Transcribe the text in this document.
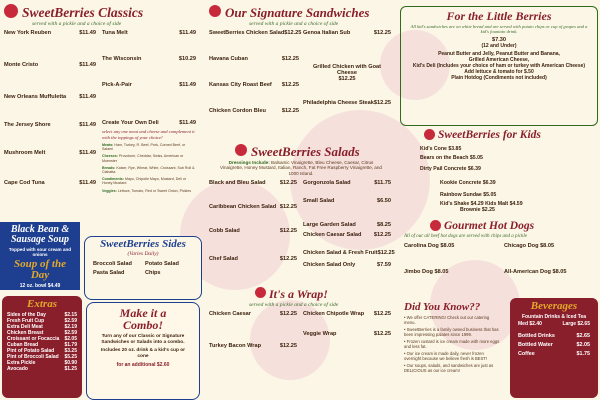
SweetBerries Classics
served with a pickle and a choice of side
New York Reuben	$11.49
Monte Cristo	$11.49
New Orleans Muffuletta $11.49
The Jersey Shore	$11.49
Mushroom Melt	$11.49
Cape Cod Tuna	$11.49
Tuna Melt	$11.49
The Wisconsin	$10.29
Pick-A-Pair	$11.49
Create Your Own Deli	$11.49
select any one meat and cheese and complement it with the toppings of your choice!
Meats: Ham, Turkey, R. Beef, Pork, Corned Beef, or Salami
Cheeses: Provolone, Cheddar, Swiss, American or Muenster
Breads: Kaiser, Rye, Wheat, White, Croissant, Sub Roll & Ciabatta
Condiments: Mayo, Chipotle Mayo, Mustard, Deli or Honey Mustard
Veggies: Lettuce, Tomato, Red or Sweet Onion, Pickles
Black Bean & Sausage Soup
Topped with sour cream and onions
Soup of the Day
12 oz. bowl $4.49
SweetBerries Sides
(Varies Daily)
Broccoli Salad	Potato Salad
Pasta Salad	Chips
Extras
Sides of the Day	$2.15
Fresh Fruit Cup	$2.59
Extra Deli Meat	$2.19
Chicken Breast	$2.59
Croissant or Focaccia $2.05
Cuban Bread	$1.79
Pint of Potato Salad $3.25
Pint of Broccoli Salad $5.25
Extra Pickle	$0.90
Avocado	$1.25
Make it a Combo!
Turn any of our Classic or Signature Sandwiches or Salads into a combo.
Includes 20 oz. drink & a kid's cup or cone
for an additional $2.60
Our Signature Sandwiches
served with a pickle and a choice of side
SweetBerries Chicken Salad $12.25
Havana Cuban	$12.25
Kansas City Roast Beef $12.25
Chicken Cordon Bleu	$12.25
Genoa Italian Sub	$12.25
Grilled Chicken with Goat Cheese
$12.25
Philadelphia Cheese Steak $12.25
SweetBerries Salads
Dressings Include: Balsamic Vinaigrette, Bleu Cheese, Caesar, Citrus Vinaigrette, Honey Mustard, Italian, Ranch, Fat Free Raspberry Vinaigrette, and 1000 Island.
Black and Bleu Salad	$12.25
Caribbean Chicken Salad $12.25
Cobb Salad	$12.25
Chef Salad	$12.25
Gorgonzola Salad	$11.75
Small Salad	$6.50
Large Garden Salad	$8.25
Chicken Caesar Salad $12.25
Chicken Salad & Fresh Fruit $12.25
Chicken Salad Only	$7.59
It's a Wrap!
served with a pickle and a choice of side
Chicken Caesar	$12.25
Turkey Bacon Wrap	$12.25
Chicken Chipotle Wrap $12.25
Veggie Wrap	$12.25
For the Little Berries
All kid's sandwiches are on white bread and are served with potato chips or cup of grapes and a kid's fountain drink.
$7.30
(12 and Under)
Peanut Butter and Jelly, Peanut Butter and Banana,
Grilled American Cheese,
Kid's Deli (Includes your choice of ham or turkey with American Cheese) Add lettuce & tomato for $.50
Plain Hotdog (Condiments not included)
SweetBerries for Kids
Kid's Cone $3.85
Bears on the Beach $5.05
Dirty Pail Concrete $6.39
Kookie Concrete $6.39
Rainbow Sundae $5.05
Kid's Shake $4.29 Kids Malt $4.59
Brownie $2.25
Gourmet Hot Dogs
All of our all beef hot dogs are served with chips and a pickle
Carolina Dog $8.05
Jimbo Dog $8.05
Chicago Dog $8.05
All-American Dog $8.05
Did You Know??
• We offer CATERING! Check out our catering menu.
• SweetBerries is a family owned business that has been impressing palates since 1999.
• Frozen custard is ice cream made with more eggs and less fat.
• Our ice cream is made daily, never frozen overnight because we believe fresh is BEST!
• Our soups, salads, and sandwiches are just as DELICIOUS as our ice cream!
Beverages
Fountain Drinks & Iced Tea
Med $2.40	Large $2.65
Bottled Drinks	$2.65
Bottled Water	$2.05
Coffee	$1.75
